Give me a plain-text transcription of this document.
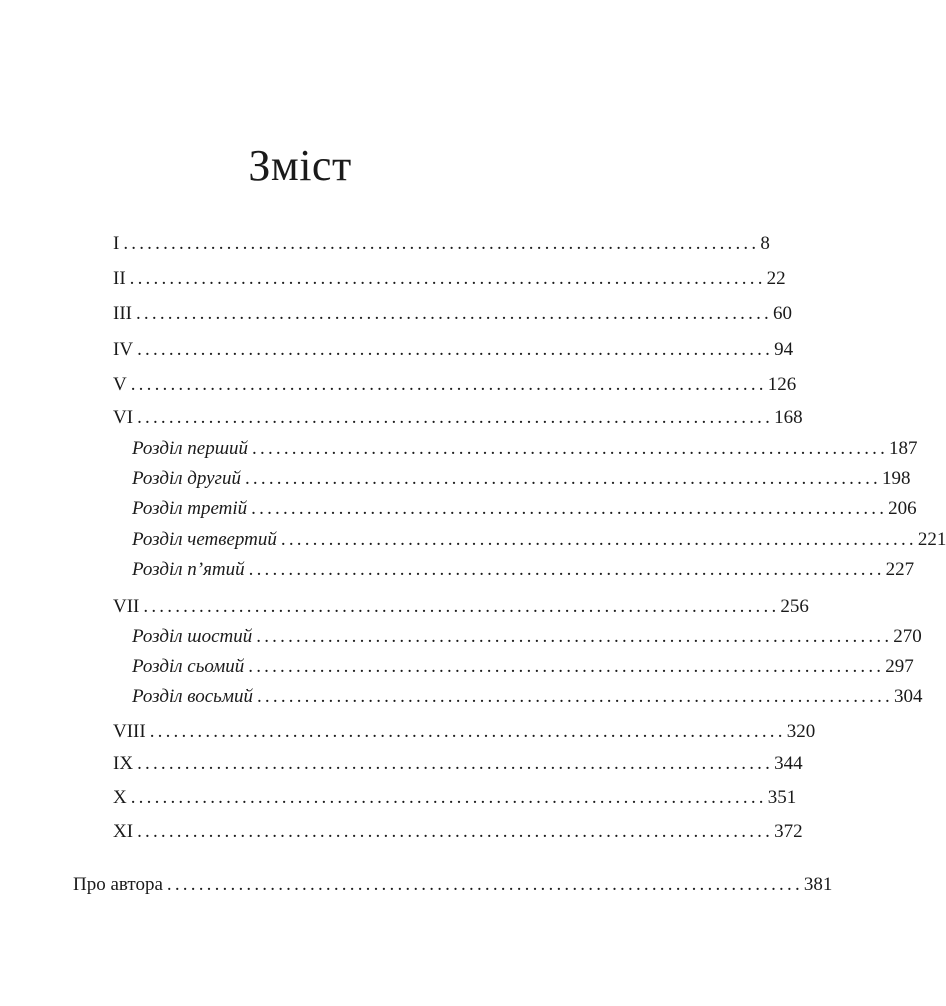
Зміст
I ................................................................................ 8
II ................................................................................ 22
III ................................................................................ 60
IV ................................................................................ 94
V ................................................................................ 126
VI ................................................................................ 168
Розділ перший ................................................................................ 187
Розділ другий ................................................................................ 198
Розділ третій ................................................................................ 206
Розділ четвертий ................................................................................ 221
Розділ п’ятий ................................................................................ 227
VII ................................................................................ 256
Розділ шостий ................................................................................ 270
Розділ сьомий ................................................................................ 297
Розділ восьмий ................................................................................ 304
VIII ................................................................................ 320
IX ................................................................................ 344
X ................................................................................ 351
XI ................................................................................ 372
Про автора ................................................................................ 381
